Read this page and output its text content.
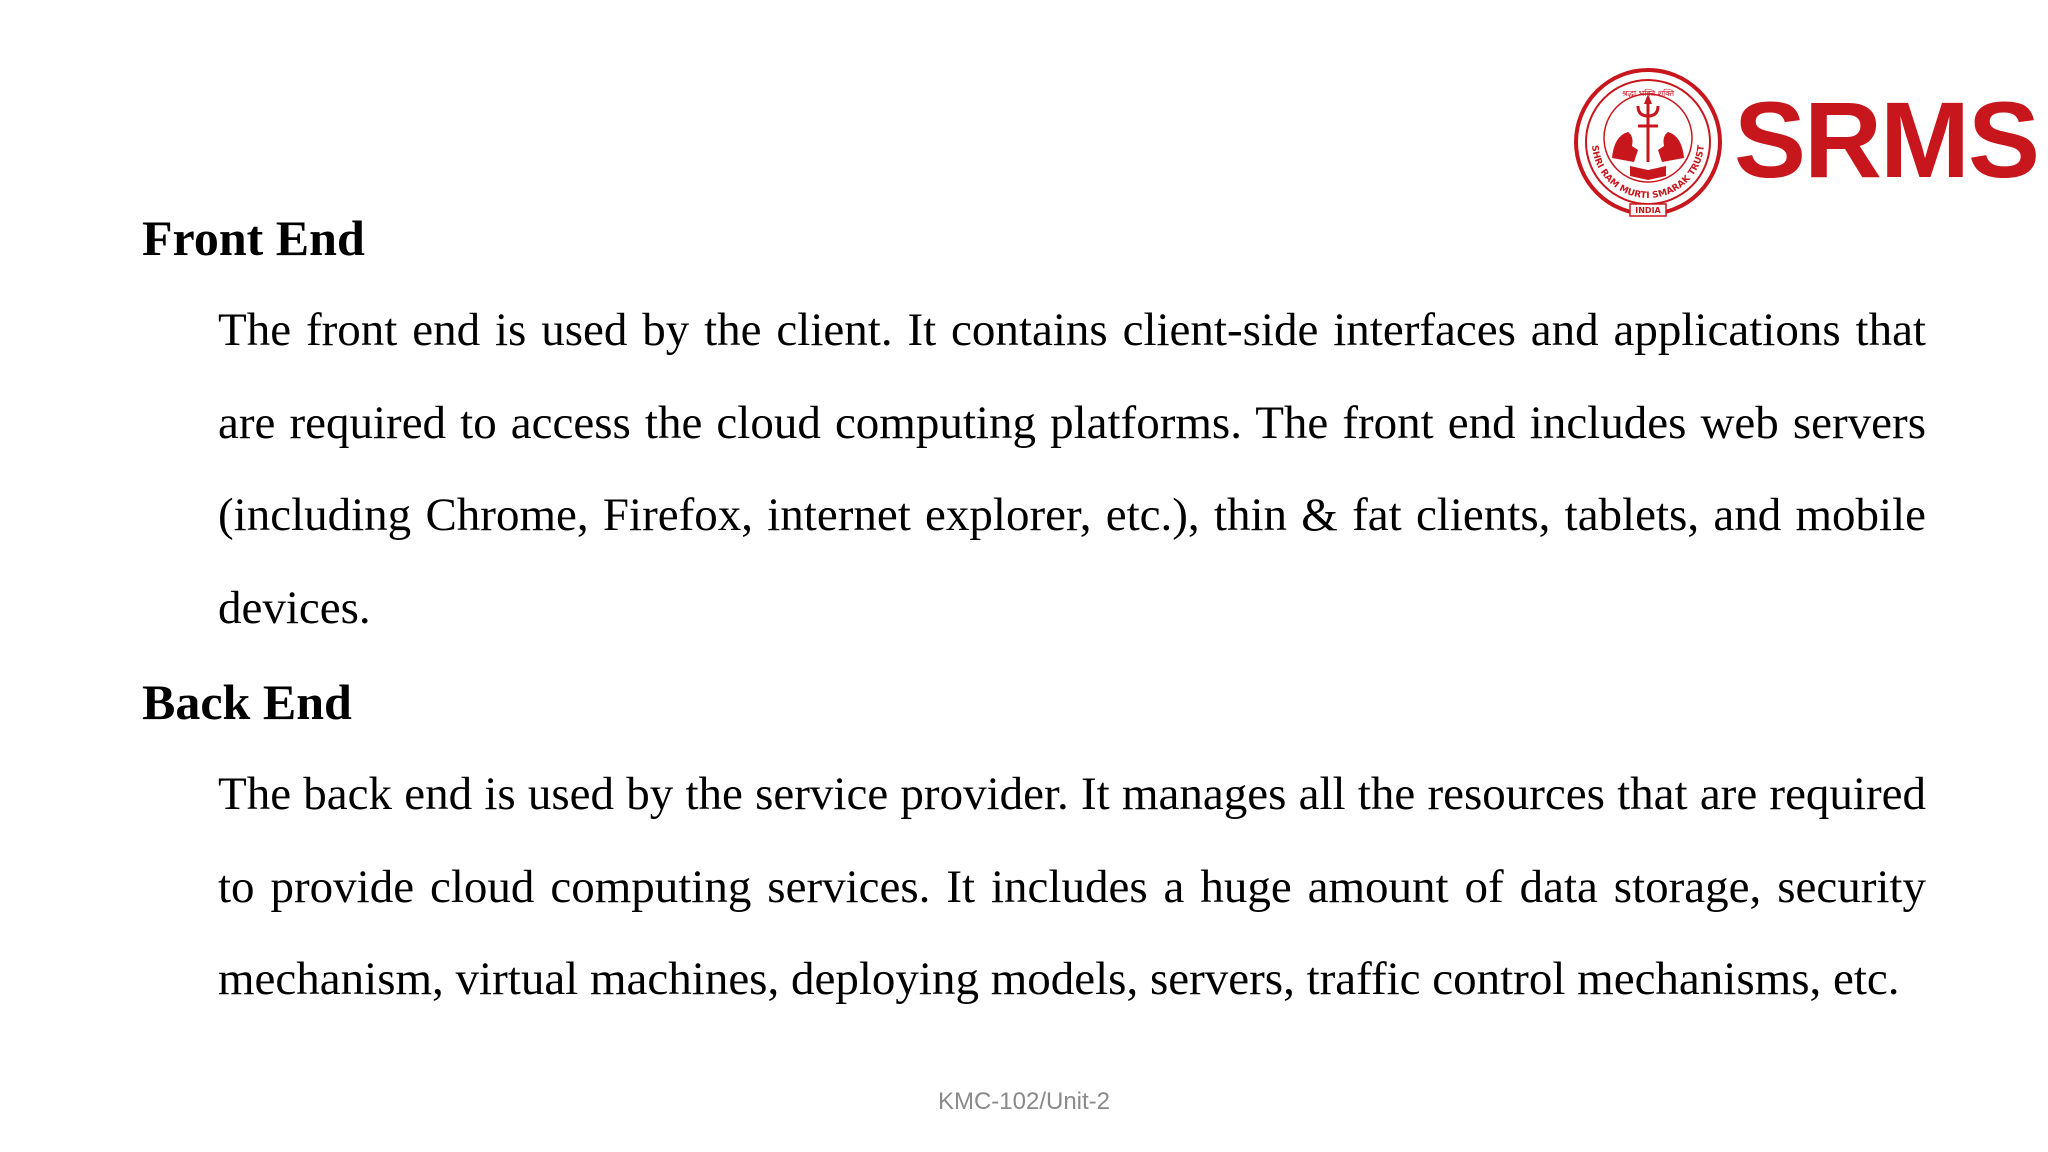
श्रद्धा भक्ति शक्ति
SHRI RAM MURTI SMARAK TRUST
INDIA
SRMS
Front End

The front end is used by the client. It contains client-side interfaces and applications that are required to access the cloud computing platforms. The front end includes web servers (including Chrome, Firefox, internet explorer, etc.), thin & fat clients, tablets, and mobile devices.

Back End

The back end is used by the service provider. It manages all the resources that are required to provide cloud computing services. It includes a huge amount of data storage, security mechanism, virtual machines, deploying models, servers, traffic control mechanisms, etc.

KMC-102/Unit-2
